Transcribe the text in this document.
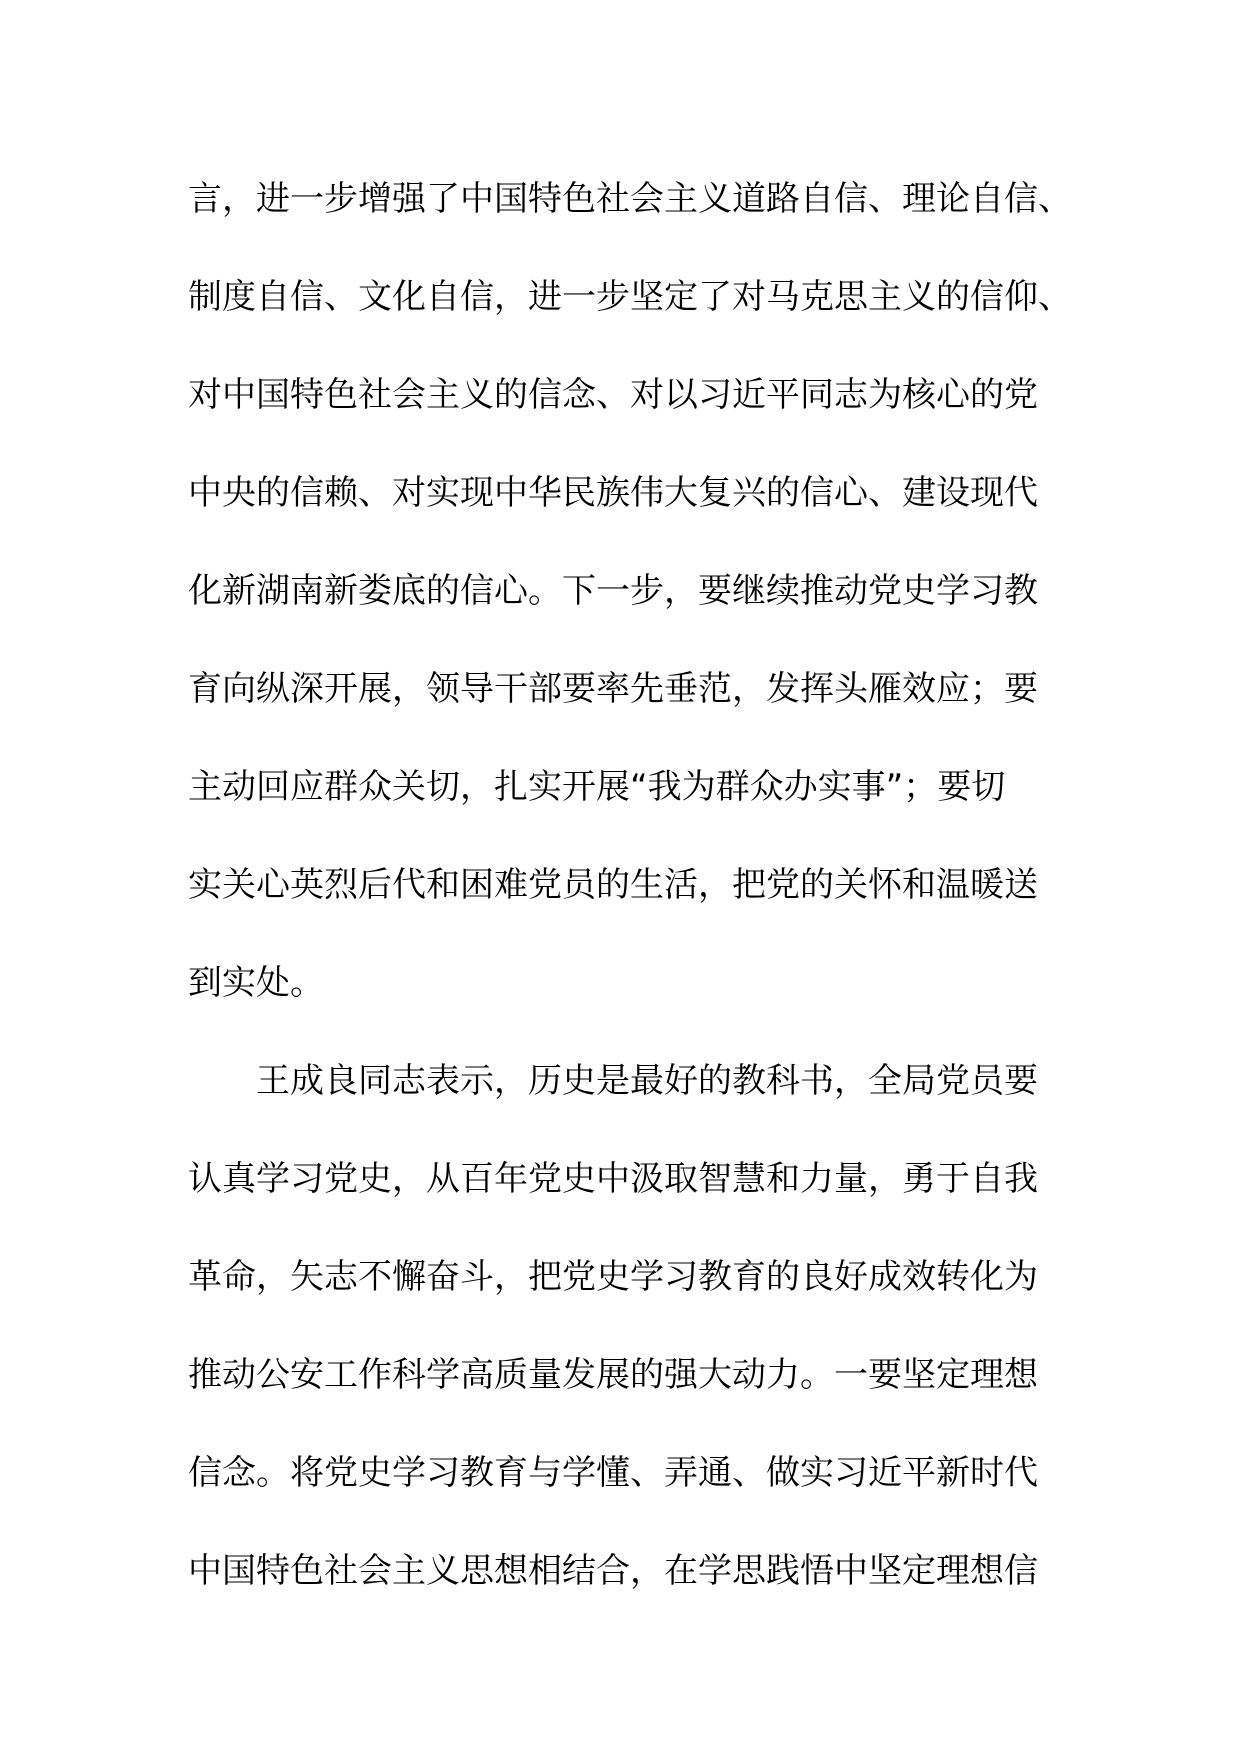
言，进一步增强了中国特色社会主义道路自信、理论自信、
制度自信、文化自信，进一步坚定了对马克思主义的信仰、
对中国特色社会主义的信念、对以习近平同志为核心的党
中央的信赖、对实现中华民族伟大复兴的信心、建设现代
化新湖南新娄底的信心。下一步，要继续推动党史学习教
育向纵深开展，领导干部要率先垂范，发挥头雁效应；要
主动回应群众关切，扎实开展“我为群众办实事”；要切
实关心英烈后代和困难党员的生活，把党的关怀和温暖送
到实处。
　　王成良同志表示，历史是最好的教科书，全局党员要
认真学习党史，从百年党史中汲取智慧和力量，勇于自我
革命，矢志不懈奋斗，把党史学习教育的良好成效转化为
推动公安工作科学高质量发展的强大动力。一要坚定理想
信念。将党史学习教育与学懂、弄通、做实习近平新时代
中国特色社会主义思想相结合，在学思践悟中坚定理想信
